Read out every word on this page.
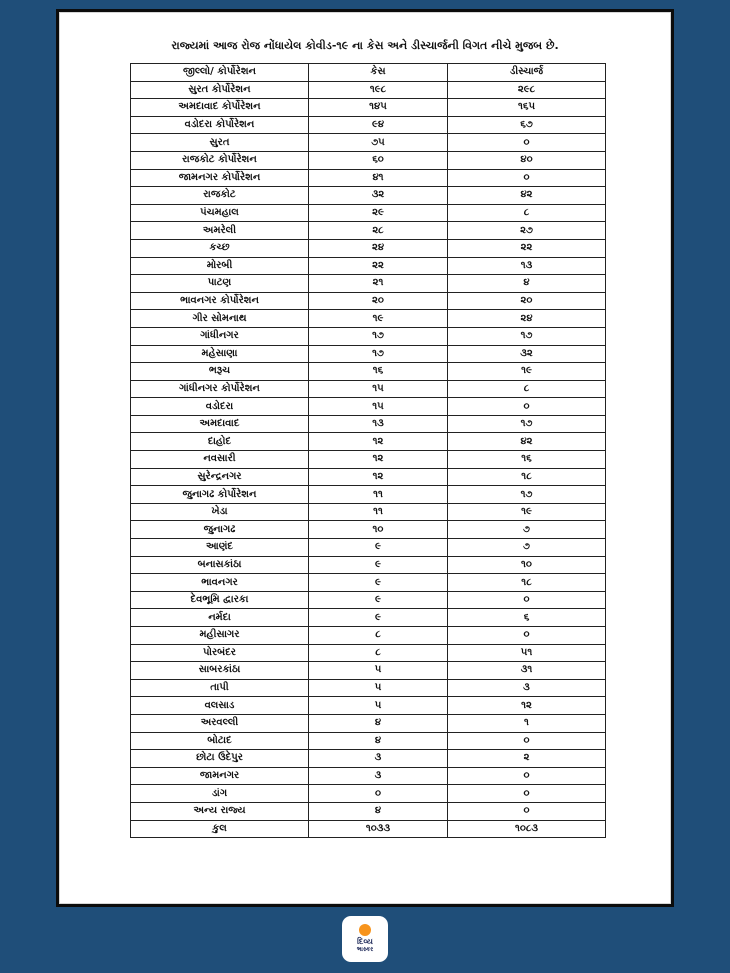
રાજ્યમાં આજ રોજ નોંધાયેલ કોવીડ-૧૯ ના કેસ અને ડીસ્ચાર્જની વિગત નીચે મુજબ છે.
જીલ્લો/ કોર્પોરેશન	કેસ	ડીસ્ચાર્જ
સુરત કોર્પોરેશન	૧૯૮	૨૯૮
અમદાવાદ કોર્પોરેશન	૧૪૫	૧૬૫
વડોદરા કોર્પોરેશન	૯૪	૬૭
સુરત	૭૫	૦
રાજકોટ કોર્પોરેશન	૬૦	૪૦
જામનગર કોર્પોરેશન	૪૧	૦
રાજકોટ	૩૨	૪૨
પંચમહાલ	૨૯	૮
અમરેલી	૨૮	૨૭
કચ્છ	૨૪	૨૨
મોરબી	૨૨	૧૩
પાટણ	૨૧	૪
ભાવનગર કોર્પોરેશન	૨૦	૨૦
ગીર સોમનાથ	૧૯	૨૪
ગાંધીનગર	૧૭	૧૭
મહેસાણા	૧૭	૩૨
ભરૂચ	૧૬	૧૯
ગાંધીનગર કોર્પોરેશન	૧૫	૮
વડોદરા	૧૫	૦
અમદાવાદ	૧૩	૧૭
દાહોદ	૧૨	૪૨
નવસારી	૧૨	૧૬
સુરેન્દ્રનગર	૧૨	૧૮
જુનાગઢ કોર્પોરેશન	૧૧	૧૭
ખેડા	૧૧	૧૯
જુનાગઢ	૧૦	૭
આણંદ	૯	૭
બનાસકાંઠા	૯	૧૦
ભાવનગર	૯	૧૮
દેવભૂમિ દ્વારકા	૯	૦
નર્મદા	૯	૬
મહીસાગર	૮	૦
પોરબંદર	૮	૫૧
સાબરકાંઠા	૫	૩૧
તાપી	૫	૩
વલસાડ	૫	૧૨
અરવલ્લી	૪	૧
બોટાદ	૪	૦
છોટા ઉદેપુર	૩	૨
જામનગર	૩	૦
ડાંગ	૦	૦
અન્ય રાજ્ય	૪	૦
કુલ	૧૦૩૩	૧૦૮૩
દિવ્ય
ભાસ્કર
